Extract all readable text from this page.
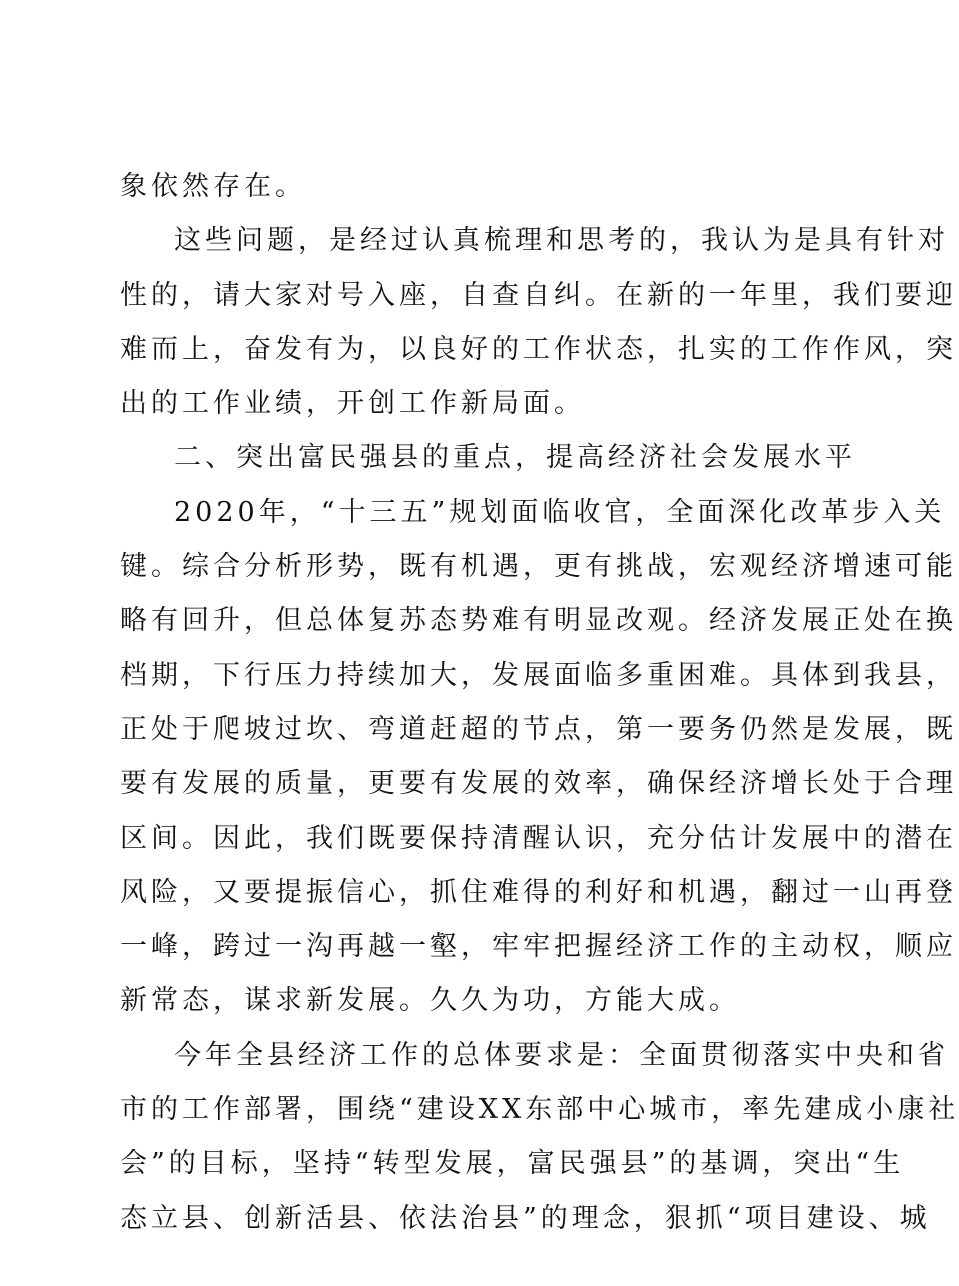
象依然存在。
这些问题，是经过认真梳理和思考的，我认为是具有针对
性的，请大家对号入座，自查自纠。在新的一年里，我们要迎
难而上，奋发有为，以良好的工作状态，扎实的工作作风，突
出的工作业绩，开创工作新局面。
二、突出富民强县的重点，提高经济社会发展水平
2020年，“十三五”规划面临收官，全面深化改革步入关
键。综合分析形势，既有机遇，更有挑战，宏观经济增速可能
略有回升，但总体复苏态势难有明显改观。经济发展正处在换
档期，下行压力持续加大，发展面临多重困难。具体到我县，
正处于爬坡过坎、弯道赶超的节点，第一要务仍然是发展，既
要有发展的质量，更要有发展的效率，确保经济增长处于合理
区间。因此，我们既要保持清醒认识，充分估计发展中的潜在
风险，又要提振信心，抓住难得的利好和机遇，翻过一山再登
一峰，跨过一沟再越一壑，牢牢把握经济工作的主动权，顺应
新常态，谋求新发展。久久为功，方能大成。
今年全县经济工作的总体要求是：全面贯彻落实中央和省
市的工作部署，围绕“建设XX东部中心城市，率先建成小康社
会”的目标，坚持“转型发展，富民强县”的基调，突出“生
态立县、创新活县、依法治县”的理念，狠抓“项目建设、城
